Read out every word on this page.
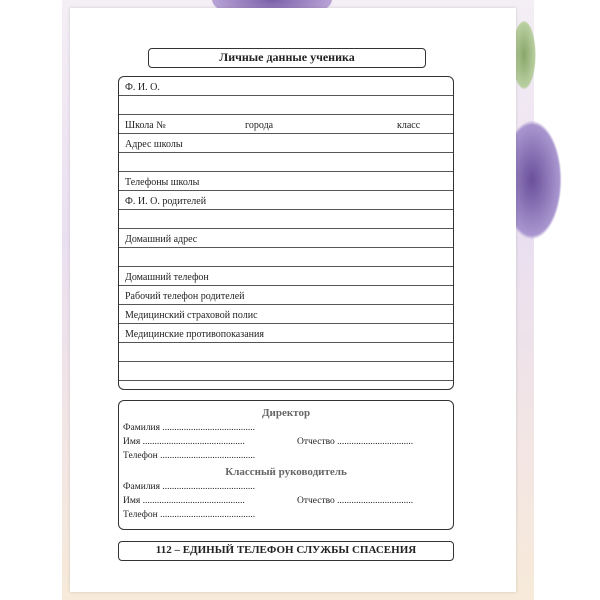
Личные данные ученика
Ф. И. О.
Школа №	города	класс
Адрес школы
Телефоны школы
Ф. И. О. родителей
Домашний адрес
Домашний телефон
Рабочий телефон родителей
Медицинский страховой полис
Медицинские противопоказания
Директор
Фамилия .......................................
Имя ...........................................	Отчество ................................
Телефон ........................................
Классный руководитель
Фамилия .......................................
Имя ...........................................	Отчество ................................
Телефон ........................................
112 – ЕДИНЫЙ ТЕЛЕФОН СЛУЖБЫ СПАСЕНИЯ
